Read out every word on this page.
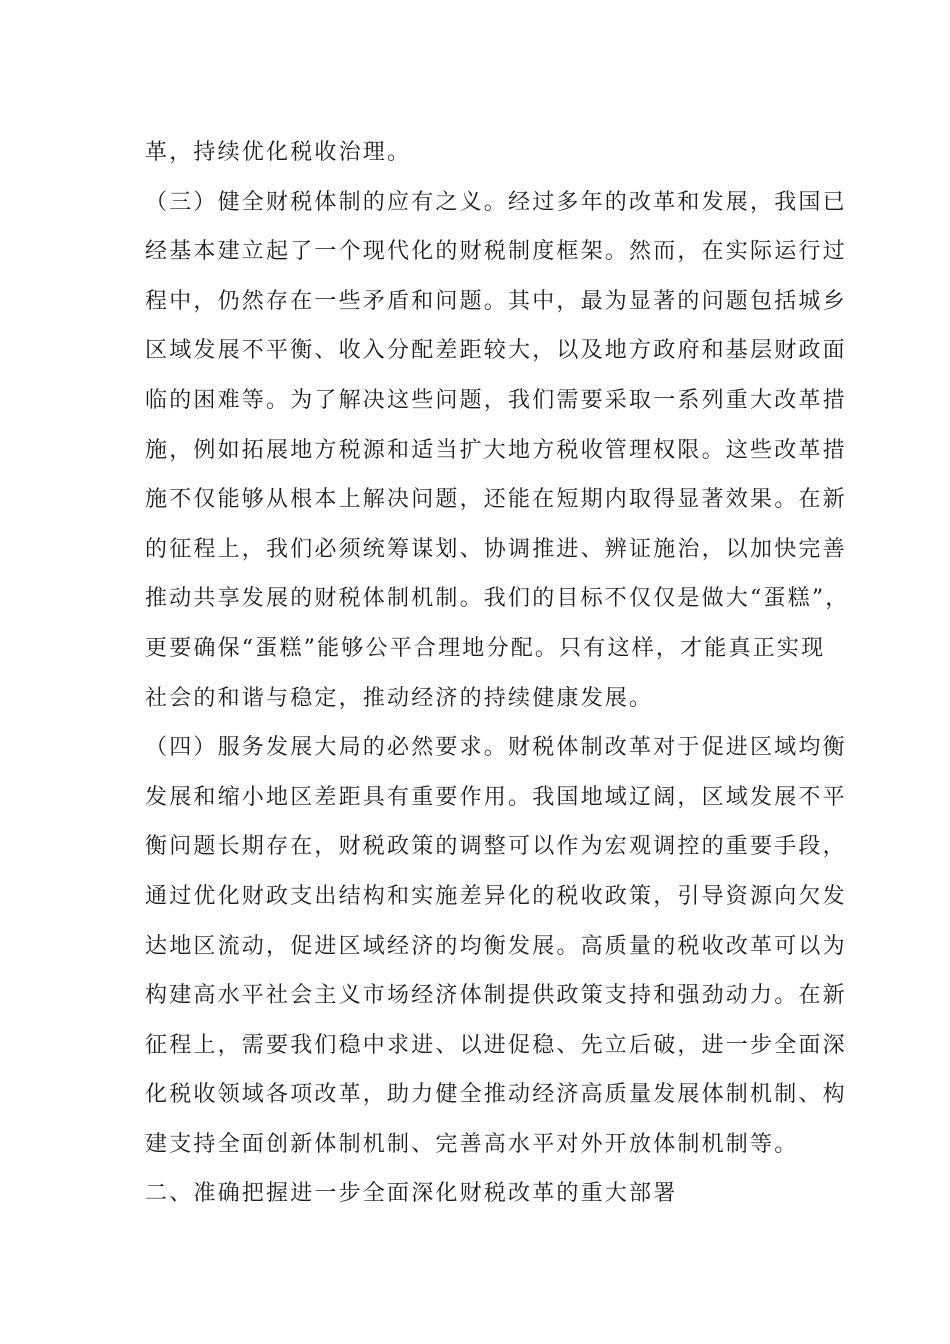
革，持续优化税收治理。
（三）健全财税体制的应有之义。经过多年的改革和发展，我国已
经基本建立起了一个现代化的财税制度框架。然而，在实际运行过
程中，仍然存在一些矛盾和问题。其中，最为显著的问题包括城乡
区域发展不平衡、收入分配差距较大，以及地方政府和基层财政面
临的困难等。为了解决这些问题，我们需要采取一系列重大改革措
施，例如拓展地方税源和适当扩大地方税收管理权限。这些改革措
施不仅能够从根本上解决问题，还能在短期内取得显著效果。在新
的征程上，我们必须统筹谋划、协调推进、辨证施治，以加快完善
推动共享发展的财税体制机制。我们的目标不仅仅是做大“蛋糕”，
更要确保“蛋糕”能够公平合理地分配。只有这样，才能真正实现
社会的和谐与稳定，推动经济的持续健康发展。
（四）服务发展大局的必然要求。财税体制改革对于促进区域均衡
发展和缩小地区差距具有重要作用。我国地域辽阔，区域发展不平
衡问题长期存在，财税政策的调整可以作为宏观调控的重要手段，
通过优化财政支出结构和实施差异化的税收政策，引导资源向欠发
达地区流动，促进区域经济的均衡发展。高质量的税收改革可以为
构建高水平社会主义市场经济体制提供政策支持和强劲动力。在新
征程上，需要我们稳中求进、以进促稳、先立后破，进一步全面深
化税收领域各项改革，助力健全推动经济高质量发展体制机制、构
建支持全面创新体制机制、完善高水平对外开放体制机制等。
二、准确把握进一步全面深化财税改革的重大部署
